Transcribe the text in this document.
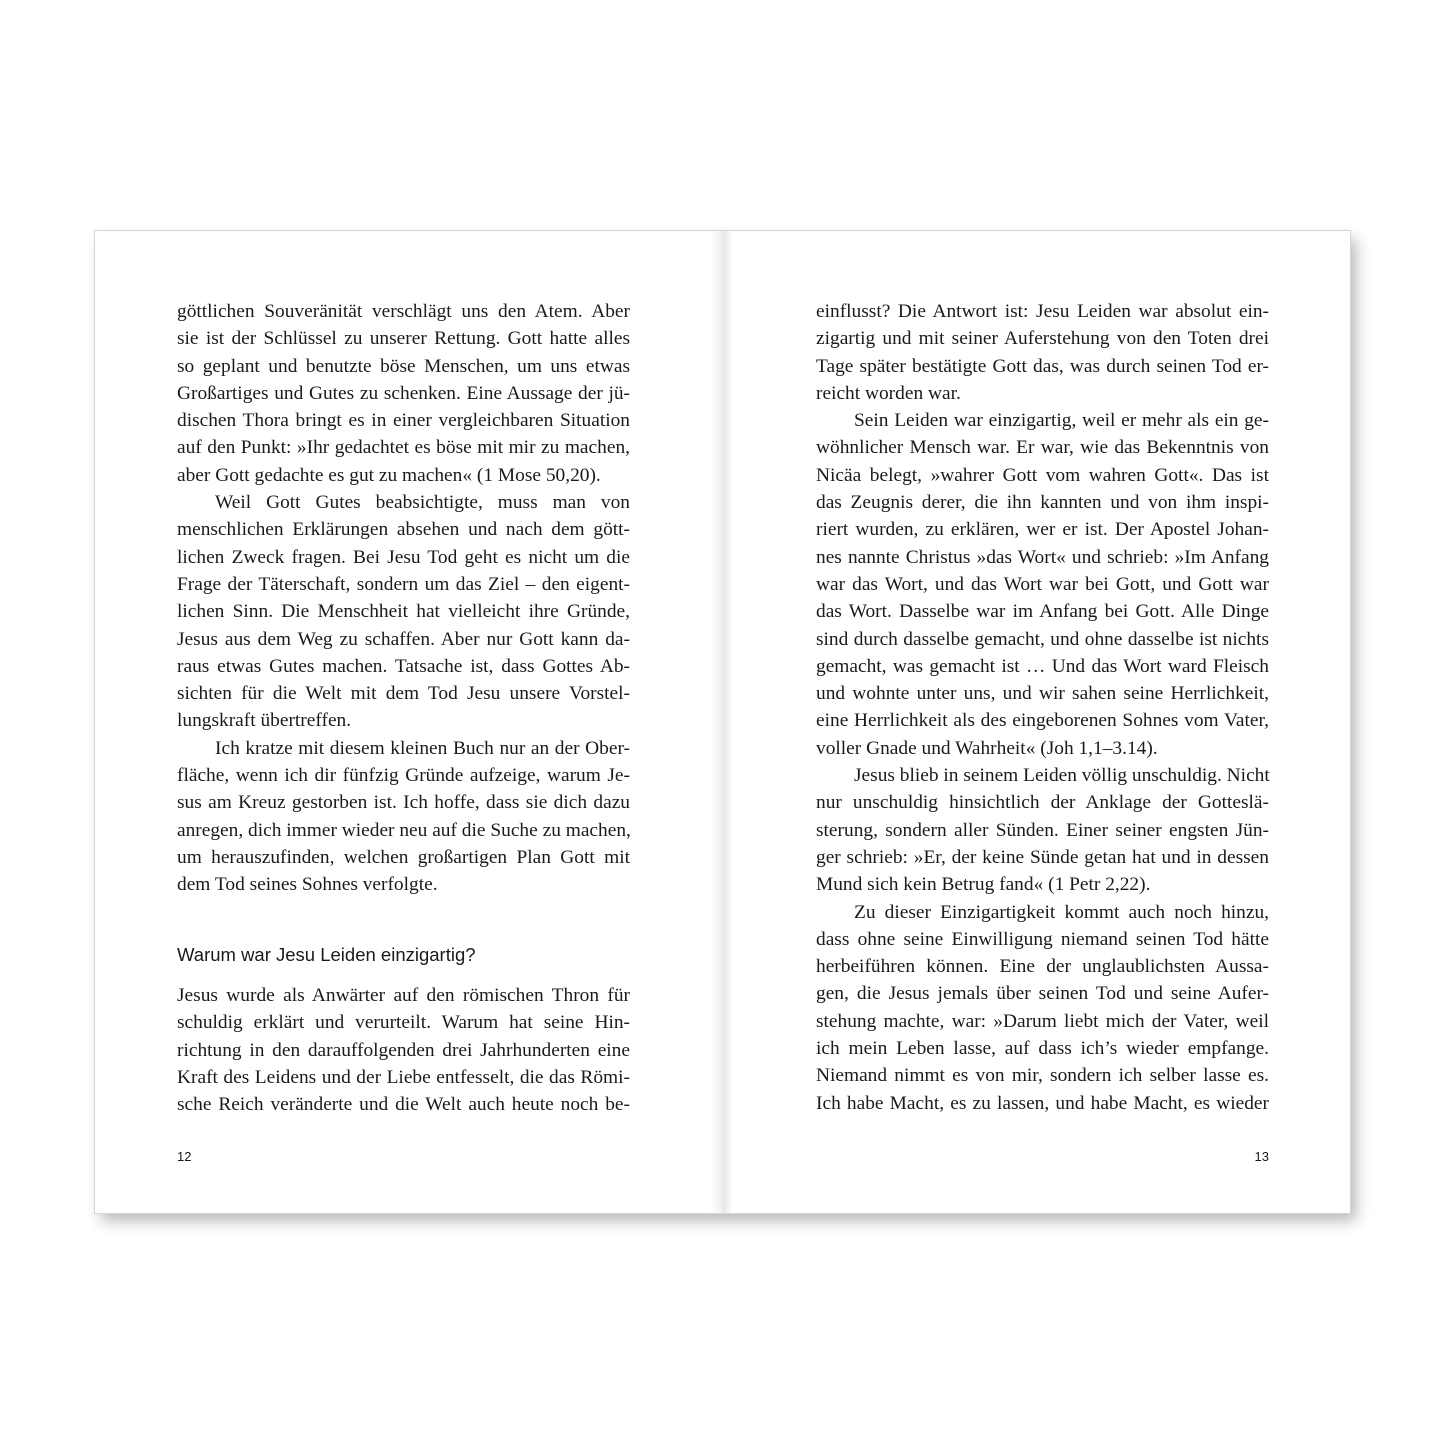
göttlichen Souveränität verschlägt uns den Atem. Aber
sie ist der Schlüssel zu unserer Rettung. Gott hatte alles
so geplant und benutzte böse Menschen, um uns etwas
Großartiges und Gutes zu schenken. Eine Aussage der jü-
dischen Thora bringt es in einer vergleichbaren Situation
auf den Punkt: »Ihr gedachtet es böse mit mir zu machen,
aber Gott gedachte es gut zu machen« (1 Mose 50,20).
Weil Gott Gutes beabsichtigte, muss man von
menschlichen Erklärungen absehen und nach dem gött-
lichen Zweck fragen. Bei Jesu Tod geht es nicht um die
Frage der Täterschaft, sondern um das Ziel – den eigent-
lichen Sinn. Die Menschheit hat vielleicht ihre Gründe,
Jesus aus dem Weg zu schaffen. Aber nur Gott kann da-
raus etwas Gutes machen. Tatsache ist, dass Gottes Ab-
sichten für die Welt mit dem Tod Jesu unsere Vorstel-
lungskraft übertreffen.
Ich kratze mit diesem kleinen Buch nur an der Ober-
fläche, wenn ich dir fünfzig Gründe aufzeige, warum Je-
sus am Kreuz gestorben ist. Ich hoffe, dass sie dich dazu
anregen, dich immer wieder neu auf die Suche zu machen,
um herauszufinden, welchen großartigen Plan Gott mit
dem Tod seines Sohnes verfolgte.
Warum war Jesu Leiden einzigartig?
Jesus wurde als Anwärter auf den römischen Thron für
schuldig erklärt und verurteilt. Warum hat seine Hin-
richtung in den darauffolgenden drei Jahrhunderten eine
Kraft des Leidens und der Liebe entfesselt, die das Römi-
sche Reich veränderte und die Welt auch heute noch be-
12
einflusst? Die Antwort ist: Jesu Leiden war absolut ein-
zigartig und mit seiner Auferstehung von den Toten drei
Tage später bestätigte Gott das, was durch seinen Tod er-
reicht worden war.
Sein Leiden war einzigartig, weil er mehr als ein ge-
wöhnlicher Mensch war. Er war, wie das Bekenntnis von
Nicäa belegt, »wahrer Gott vom wahren Gott«. Das ist
das Zeugnis derer, die ihn kannten und von ihm inspi-
riert wurden, zu erklären, wer er ist. Der Apostel Johan-
nes nannte Christus »das Wort« und schrieb: »Im Anfang
war das Wort, und das Wort war bei Gott, und Gott war
das Wort. Dasselbe war im Anfang bei Gott. Alle Dinge
sind durch dasselbe gemacht, und ohne dasselbe ist nichts
gemacht, was gemacht ist … Und das Wort ward Fleisch
und wohnte unter uns, und wir sahen seine Herrlichkeit,
eine Herrlichkeit als des eingeborenen Sohnes vom Vater,
voller Gnade und Wahrheit« (Joh 1,1–3.14).
Jesus blieb in seinem Leiden völlig unschuldig. Nicht
nur unschuldig hinsichtlich der Anklage der Gotteslä-
sterung, sondern aller Sünden. Einer seiner engsten Jün-
ger schrieb: »Er, der keine Sünde getan hat und in dessen
Mund sich kein Betrug fand« (1 Petr 2,22).
Zu dieser Einzigartigkeit kommt auch noch hinzu,
dass ohne seine Einwilligung niemand seinen Tod hätte
herbeiführen können. Eine der unglaublichsten Aussa-
gen, die Jesus jemals über seinen Tod und seine Aufer-
stehung machte, war: »Darum liebt mich der Vater, weil
ich mein Leben lasse, auf dass ich’s wieder empfange.
Niemand nimmt es von mir, sondern ich selber lasse es.
Ich habe Macht, es zu lassen, und habe Macht, es wieder
13
